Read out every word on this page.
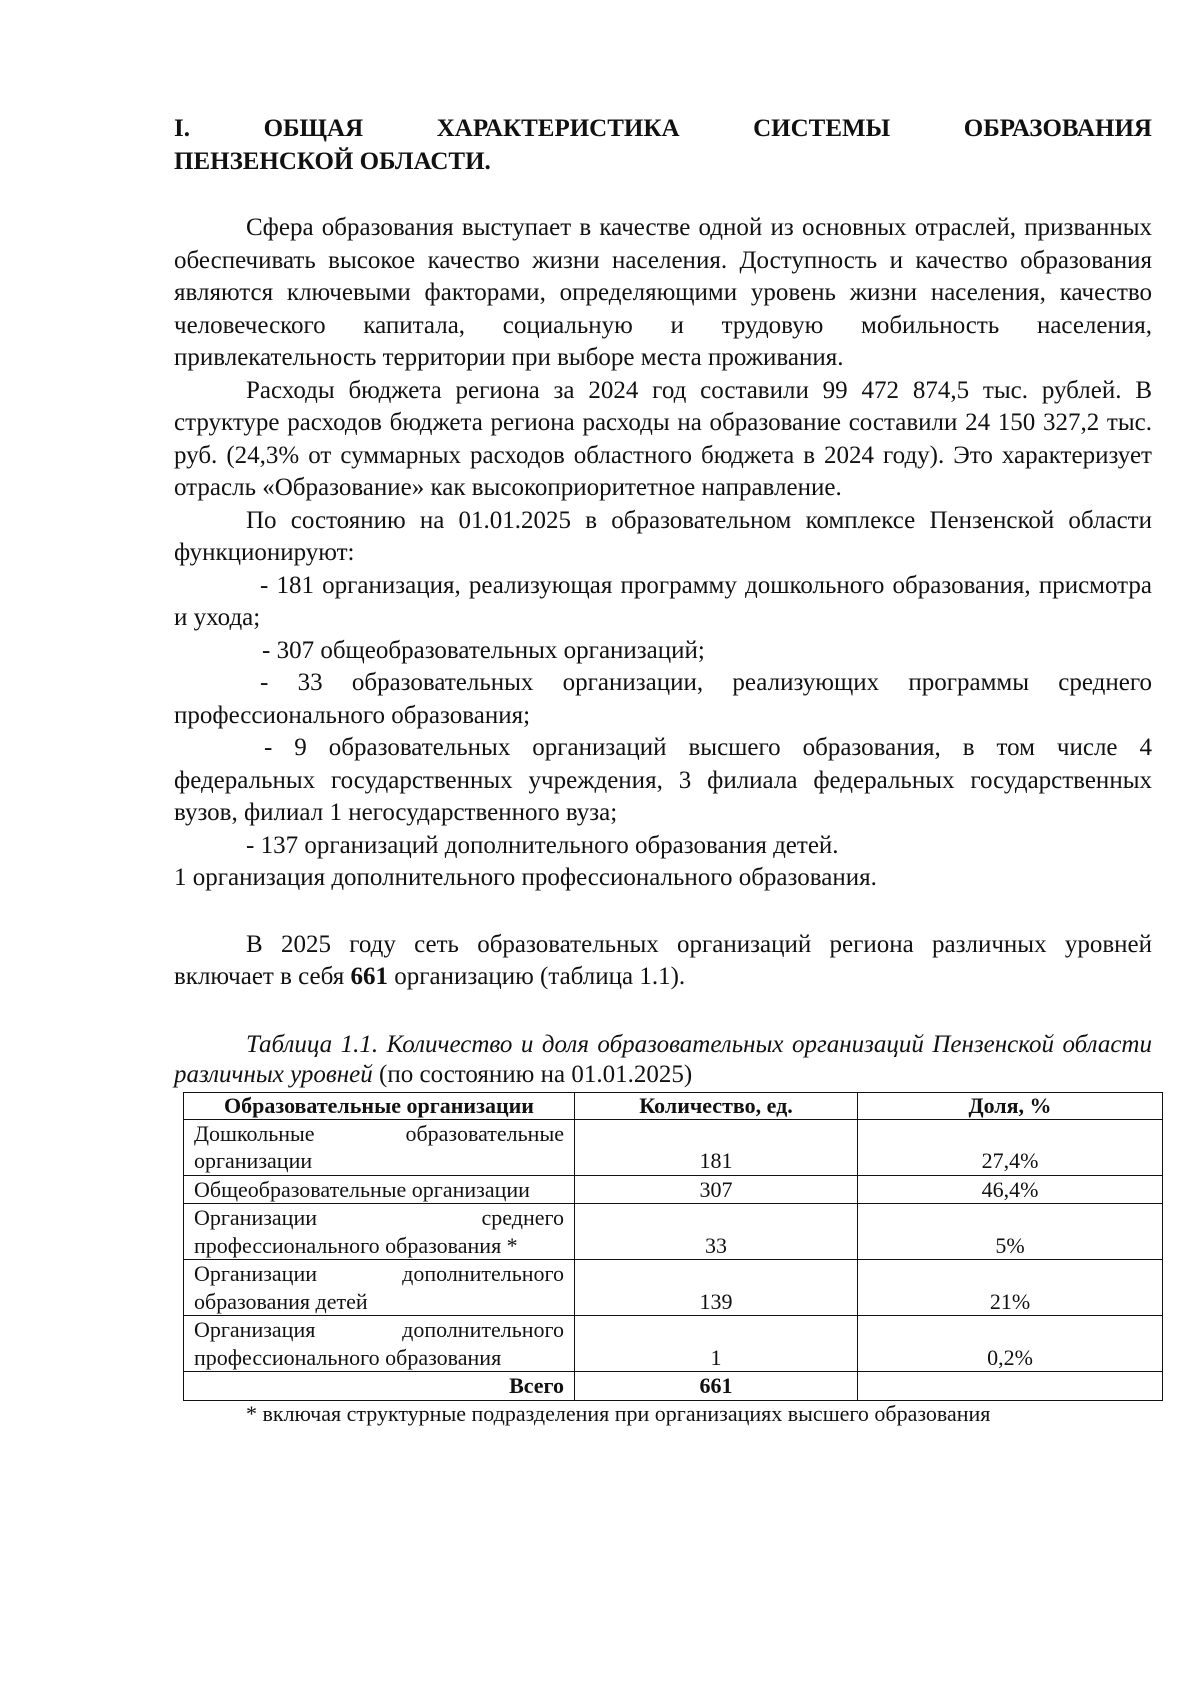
I. ОБЩАЯ ХАРАКТЕРИСТИКА СИСТЕМЫ ОБРАЗОВАНИЯ
ПЕНЗЕНСКОЙ ОБЛАСТИ.

Сфера образования выступает в качестве одной из основных отраслей, призванных обеспечивать высокое качество жизни населения. Доступность и качество образования являются ключевыми факторами, определяющими уровень жизни населения, качество человеческого капитала, социальную и трудовую мобильность населения, привлекательность территории при выборе места проживания.

Расходы бюджета региона за 2024 год составили 99 472 874,5 тыс. рублей. В структуре расходов бюджета региона расходы на образование составили 24 150 327,2 тыс. руб. (24,3% от суммарных расходов областного бюджета в 2024 году). Это характеризует отрасль «Образование» как высокоприоритетное направление.

По состоянию на 01.01.2025 в образовательном комплексе Пензенской области функционируют:

- 181 организация, реализующая программу дошкольного образования, присмотра и ухода;

- 307 общеобразовательных организаций;

- 33 образовательных организации, реализующих программы среднего профессионального образования;

- 9 образовательных организаций высшего образования, в том числе 4 федеральных государственных учреждения, 3 филиала федеральных государственных вузов, филиал 1 негосударственного вуза;

- 137 организаций дополнительного образования детей.

1 организация дополнительного профессионального образования.

В 2025 году сеть образовательных организаций региона различных уровней включает в себя 661 организацию (таблица 1.1).

Таблица 1.1. Количество и доля образовательных организаций Пензенской области различных уровней (по состоянию на 01.01.2025)

Образовательные организации	Количество, ед.	Доля, %

Дошкольные образовательные
организации	181	27,4%
Общеобразовательные организации	307	46,4%

Организации среднего
профессионального образования *	33	5%

Организации дополнительного
образования детей	139	21%

Организация дополнительного
профессионального образования	1	0,2%
Всего	661	

* включая структурные подразделения при организациях высшего образования
